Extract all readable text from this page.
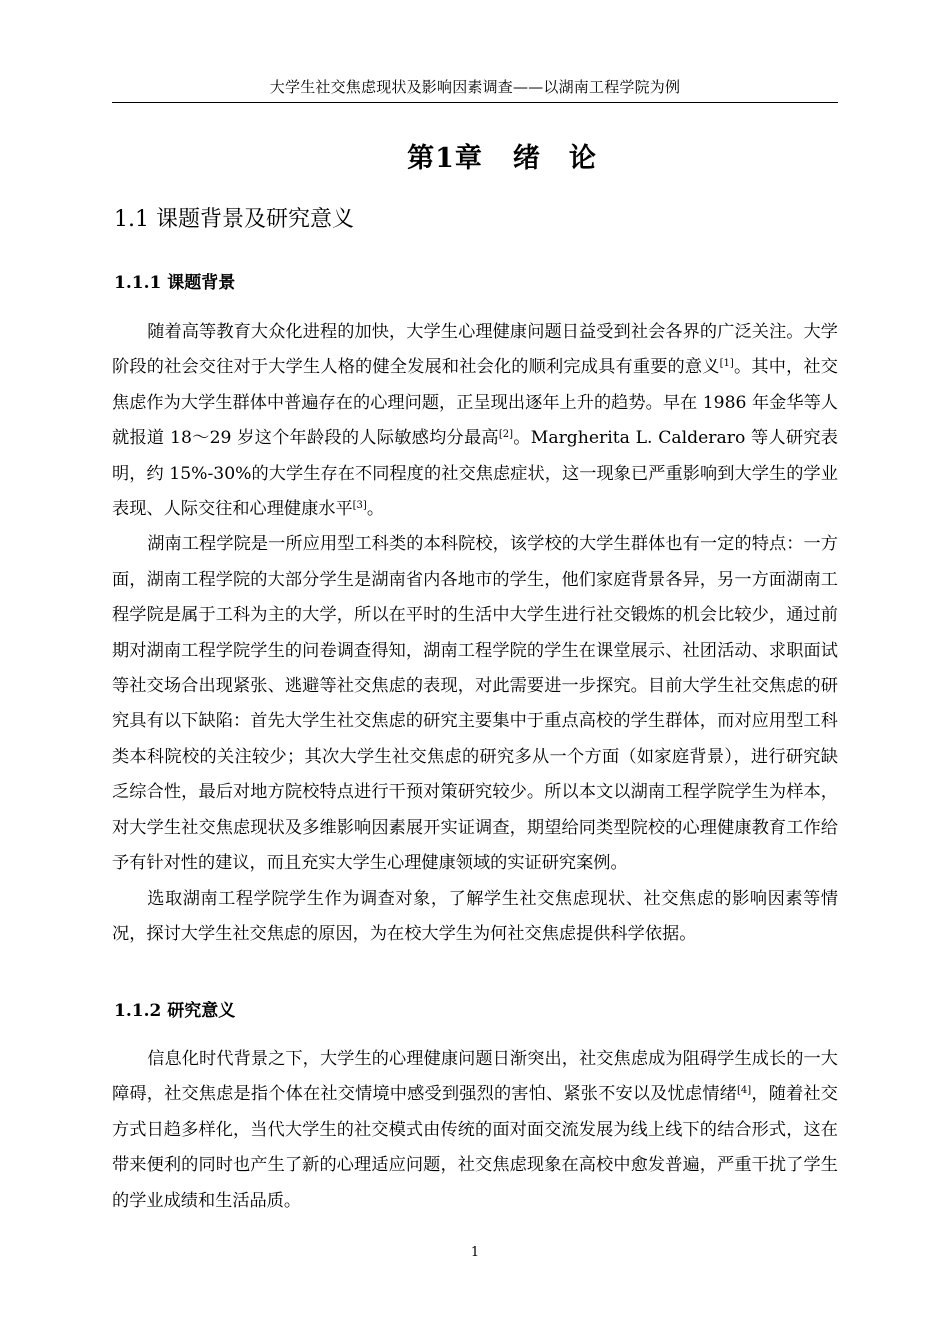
大学生社交焦虑现状及影响因素调查——以湖南工程学院为例
第1章 绪　论
1.1 课题背景及研究意义
1.1.1 课题背景

随着高等教育大众化进程的加快，大学生心理健康问题日益受到社会各界的广泛关注。大学阶段的社会交往对于大学生人格的健全发展和社会化的顺利完成具有重要的意义[1]。其中，社交焦虑作为大学生群体中普遍存在的心理问题，正呈现出逐年上升的趋势。早在 1986 年金华等人就报道 18～29 岁这个年龄段的人际敏感均分最高[2]。Margherita L. Calderaro 等人研究表明，约 15%-30%的大学生存在不同程度的社交焦虑症状，这一现象已严重影响到大学生的学业表现、人际交往和心理健康水平[3]。

湖南工程学院是一所应用型工科类的本科院校，该学校的大学生群体也有一定的特点：一方面，湖南工程学院的大部分学生是湖南省内各地市的学生，他们家庭背景各异，另一方面湖南工程学院是属于工科为主的大学，所以在平时的生活中大学生进行社交锻炼的机会比较少，通过前期对湖南工程学院学生的问卷调查得知，湖南工程学院的学生在课堂展示、社团活动、求职面试等社交场合出现紧张、逃避等社交焦虑的表现，对此需要进一步探究。目前大学生社交焦虑的研究具有以下缺陷：首先大学生社交焦虑的研究主要集中于重点高校的学生群体，而对应用型工科类本科院校的关注较少；其次大学生社交焦虑的研究多从一个方面（如家庭背景），进行研究缺乏综合性，最后对地方院校特点进行干预对策研究较少。所以本文以湖南工程学院学生为样本，对大学生社交焦虑现状及多维影响因素展开实证调查，期望给同类型院校的心理健康教育工作给予有针对性的建议，而且充实大学生心理健康领域的实证研究案例。

选取湖南工程学院学生作为调查对象，了解学生社交焦虑现状、社交焦虑的影响因素等情况，探讨大学生社交焦虑的原因，为在校大学生为何社交焦虑提供科学依据。

1.1.2 研究意义

信息化时代背景之下，大学生的心理健康问题日渐突出，社交焦虑成为阻碍学生成长的一大障碍，社交焦虑是指个体在社交情境中感受到强烈的害怕、紧张不安以及忧虑情绪[4]，随着社交方式日趋多样化，当代大学生的社交模式由传统的面对面交流发展为线上线下的结合形式，这在带来便利的同时也产生了新的心理适应问题，社交焦虑现象在高校中愈发普遍，严重干扰了学生的学业成绩和生活品质。

1
